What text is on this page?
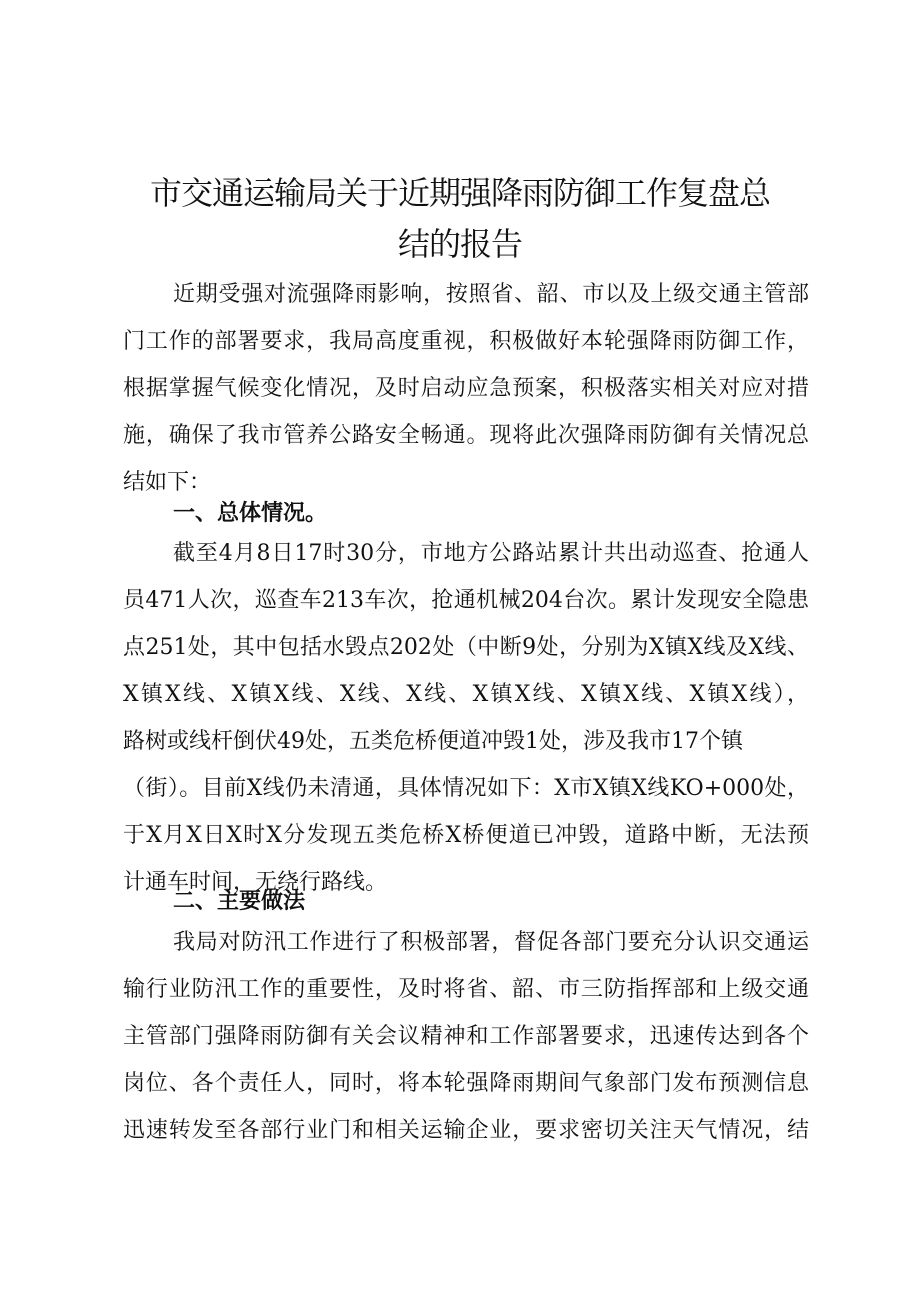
市交通运输局关于近期强降雨防御工作复盘总
结的报告
近期受强对流强降雨影响，按照省、韶、市以及上级交通主管部
门工作的部署要求，我局高度重视，积极做好本轮强降雨防御工作，
根据掌握气候变化情况，及时启动应急预案，积极落实相关对应对措
施，确保了我市管养公路安全畅通。现将此次强降雨防御有关情况总
结如下：
一、总体情况。
截至4月8日17时30分，市地方公路站累计共出动巡查、抢通人
员471人次，巡查车213车次，抢通机械204台次。累计发现安全隐患
点251处，其中包括水毁点202处（中断9处，分别为X镇X线及X线、
X镇X线、X镇X线、X线、X线、X镇X线、X镇X线、X镇X线），
路树或线杆倒伏49处，五类危桥便道冲毁1处，涉及我市17个镇
（街）。目前X线仍未清通，具体情况如下：X市X镇X线KO+000处，
于X月X日X时X分发现五类危桥X桥便道已冲毁，道路中断，无法预
计通车时间，无绕行路线。
二、主要做法
我局对防汛工作进行了积极部署，督促各部门要充分认识交通运
输行业防汛工作的重要性，及时将省、韶、市三防指挥部和上级交通
主管部门强降雨防御有关会议精神和工作部署要求，迅速传达到各个
岗位、各个责任人，同时，将本轮强降雨期间气象部门发布预测信息
迅速转发至各部行业门和相关运输企业，要求密切关注天气情况，结
